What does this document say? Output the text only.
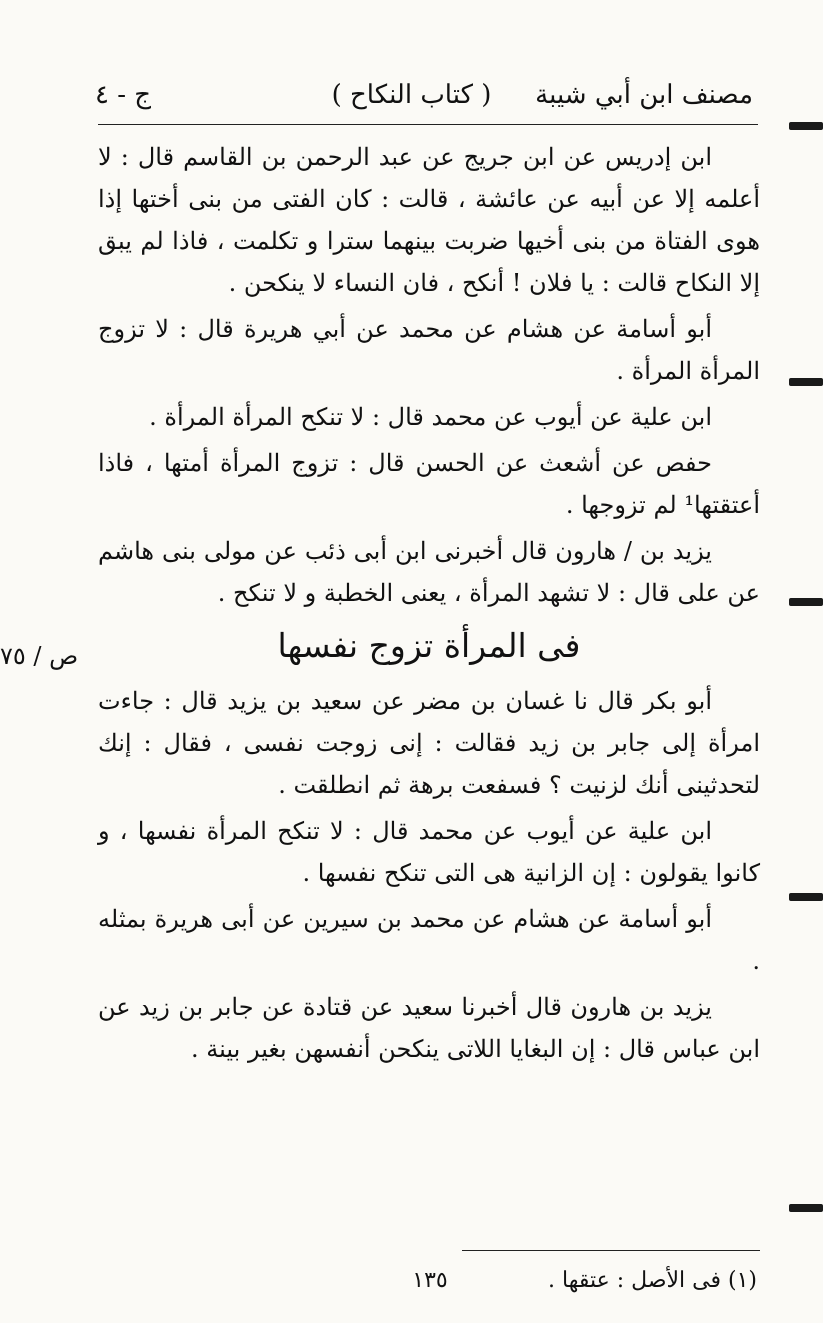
مصنف ابن أبي شيبة
( كتاب النكاح )
ج - ٤
ص / ٧٥

ابن إدريس عن ابن جريج عن عبد الرحمن بن القاسم قال : لا أعلمه إلا عن أبيه عن عائشة ، قالت : كان الفتى من بنى أختها إذا هوى الفتاة من بنى أخيها ضربت بينهما سترا و تكلمت ، فاذا لم يبق إلا النكاح قالت : يا فلان ! أنكح ، فان النساء لا ينكحن .

أبو أسامة عن هشام عن محمد عن أبي هريرة قال : لا تزوج المرأة المرأة .

ابن علية عن أيوب عن محمد قال : لا تنكح المرأة المرأة .

حفص عن أشعث عن الحسن قال : تزوج المرأة أمتها ، فاذا أعتقتها¹ لم تزوجها .

يزيد بن / هارون قال أخبرنى ابن أبى ذئب عن مولى بنى هاشم عن على قال : لا تشهد المرأة ، يعنى الخطبة و لا تنكح .

فى المرأة تزوج نفسها

أبو بكر قال نا غسان بن مضر عن سعيد بن يزيد قال : جاءت امرأة إلى جابر بن زيد فقالت : إنى زوجت نفسى ، فقال : إنك لتحدثينى أنك لزنيت ؟ فسفعت برهة ثم انطلقت .

ابن علية عن أيوب عن محمد قال : لا تنكح المرأة نفسها ، و كانوا يقولون : إن الزانية هى التى تنكح نفسها .

أبو أسامة عن هشام عن محمد بن سيرين عن أبى هريرة بمثله .

يزيد بن هارون قال أخبرنا سعيد عن قتادة عن جابر بن زيد عن ابن عباس قال : إن البغايا اللاتى ينكحن أنفسهن بغير بينة .

(١) فى الأصل : عتقها .
١٣٥
